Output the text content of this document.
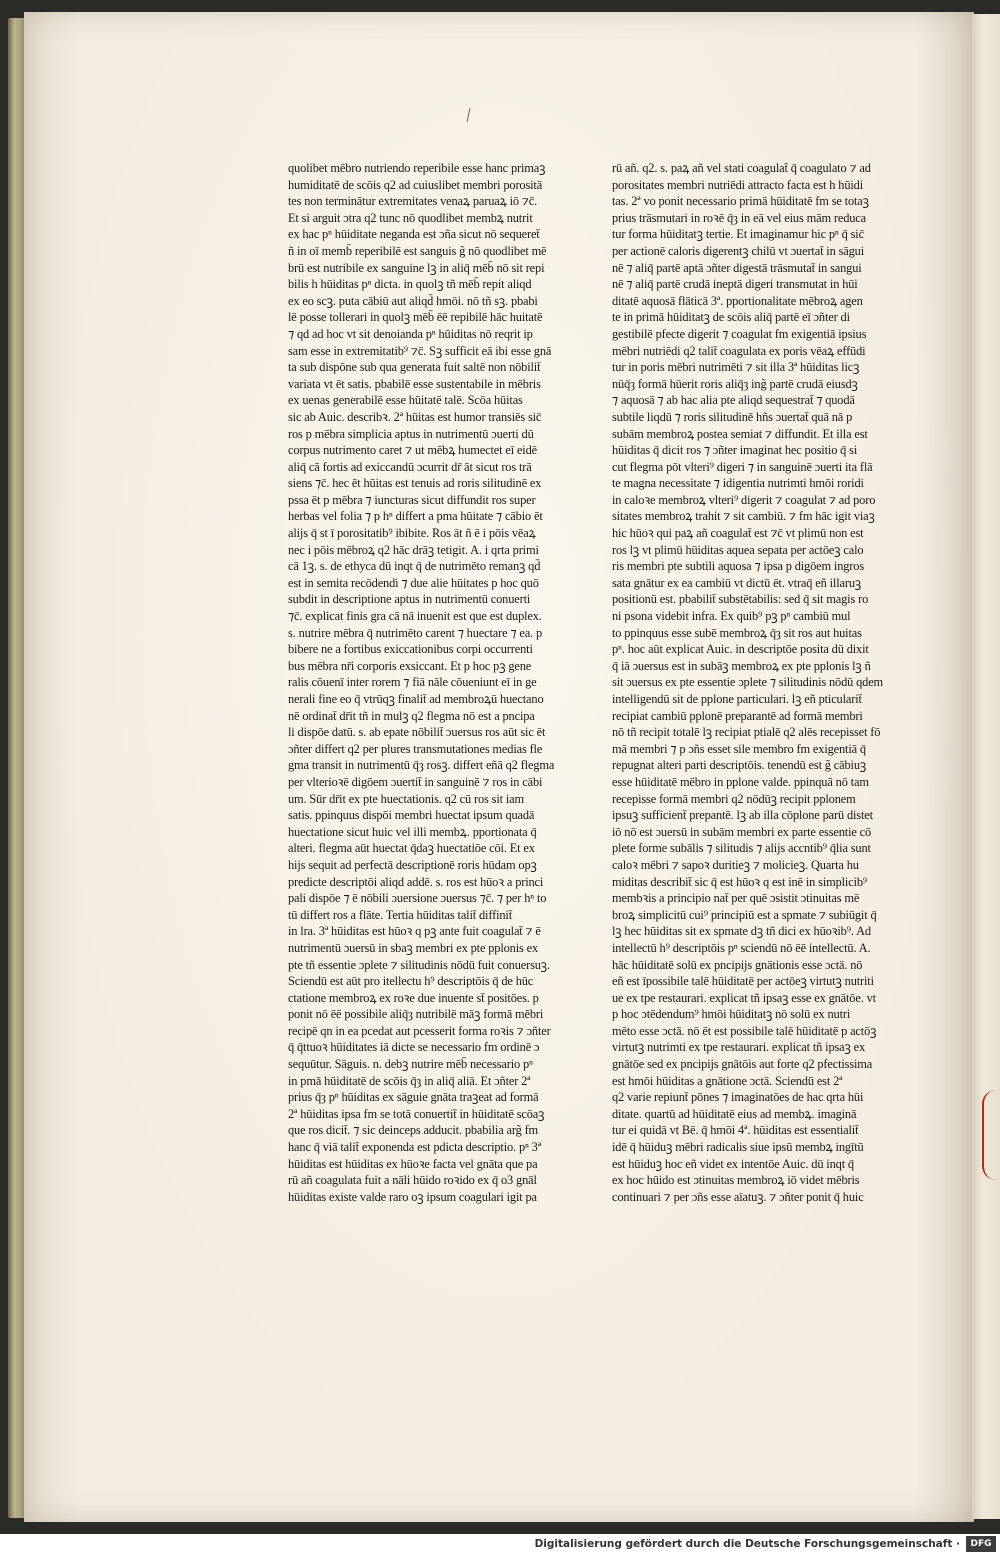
quolibet mēbro nutriendo reperibile esse hanc primaꝫ
humiditatē de scōis q2 ad cuiuslibet membri porositā
tes non terminātur extremitates venaꝝ paruaꝝ iō ⁊c̄.
Et si arguit ɔtra q2 tunc nō quodlibet membꝝ nutrit
ex hac pⁿ hūiditate neganda est ɔña sicut nō sequeret̄
ñ in oī memb̄ reperibilē est sanguis g̃ nō quodlibet mē
brū est nutribile ex sanguine lꝫ in aliq̄ mēb̄ nō sit repi
bilis h hūiditas pⁿ dicta. in quolꝫ tñ mēb̄ repit aliqd
ex eo scꝫ. puta cābiū aut aliqd̄ hmōi. nō tñ sꝫ. pbabi
lē posse tollerari in quolꝫ mēb̄ ēē repibilē hāc huitatē
⁊ qd ad hoc vt sit denoianda pⁿ hūiditas nō reqrit ip
sam esse in extremitatib⁹ ⁊c̄. Sꝫ sufficit eā ibi esse gnā
ta sub dispōne sub qua generata fuit saltē non nōbilit̄
variata vt ēt satis. pbabilē esse sustentabile in mēbris
ex uenas generabilē esse hūitatē talē. Scōa hūitas
sic ab Auic. describꝛ. 2ª hūitas est humor transiēs sic̄
ros p mēbra simplicia aptus in nutrimentū ɔuerti dū
corpus nutrimento caret ⁊ ut mēbꝝ humectet eī eidē
aliq̄ cā fortis ad exiccandū ɔcurrit dr̄ āt sicut ros trā
siens ⁊c̄. hec ēt hūitas est tenuis ad roris silitudinē ex
pssa ēt p mēbra ⁊ iuncturas sicut diffundit ros super
herbas vel folia ⁊ p hⁿ differt a pma hūitate ⁊ cābio ēt
alijs q̄ st ī porositatib⁹ ibibite. Ros āt ñ ē i pōis vēaꝝ
nec i pōis mēbroꝝ q2 hāc drāꝫ tetigit. A. i qrta primi
cā 1ꝫ. s. de ethyca dū inqt q̄ de nutrimēto remanꝫ qd̄
est in semita recōdendi ⁊ due alie hūitates p hoc quō
subdit in descriptione aptus in nutrimentū conuerti
⁊c̄. explicat finis gra cā nā inuenit est que est duplex.
s. nutrire mēbra q̄ nutrimēto carent ⁊ huectare ⁊ ea. p
bibere ne a fortibus exiccationibus corpi occurrenti
bus mēbra nr̄i corporis exsiccant. Et p hoc pꝫ gene
ralis cōuenī inter rorem ⁊ fiā nāle cōueniunt eī in ge
nerali fine eo q̄ vtrūqꝫ finalit̄ ad membroꝝū huectano
nē ordinat̄ dr̄it tñ in mulꝫ q2 flegma nō est a pncipa
li dispōe datū. s. ab epate nōbilit̄ ɔuersus ros aūt sic ēt
ɔñter differt q2 per plures transmutationes medias fle
gma transit in nutrimentū q̄ȝ rosꝫ. differt eñā q2 flegma
per vlterioꝛē digōem ɔuertit̄ in sanguinē ⁊ ros in cābi
um. Sūr dr̄it ex pte huectationis. q2 cū ros sit iam
satis. ppinquus dispōi membri huectat ipsum quadā
huectatione sicut huic vel illi membꝝ. pportionata q̄
alteri. flegma aūt huectat q̄daꝫ huectatiōe cōi. Et ex
hijs sequit ad perfectā descriptionē roris hūdam opꝫ
predicte descriptōi aliqd addē. s. ros est hūoꝛ a princi
pali dispōe ⁊ ē nōbili ɔuersione ɔuersus ⁊c̄. ⁊ per hⁿ to
tū differt ros a flāte. Tertia hūiditas talit̄ diffinit̄
in lra. 3ª hūiditas est hūoꝛ q pꝫ ante fuit coagulat̄ ⁊ ē
nutrimentū ɔuersū in sbaꝫ membri ex pte pplonis ex
pte tñ essentie ɔplete ⁊ silitudinis nōdū fuit conuersuꝫ.
Sciendū est aūt pro itellectu h⁹ descriptōis q̄ de hūc
ctatione membroꝝ ex roꝛe due inuente st̄ positōes. p
ponit nō ēē possibile aliq̄ȝ nutribilē māꝫ formā mēbri
recipē qn in ea pcedat aut pcesserit forma roꝛis ⁊ ɔñter
q̄ q̄ttuoꝛ hūiditates iā dicte se necessario fm ordinē ɔ
sequūtur. Sāguis. n. debꝫ nutrire mēb̄ necessario pⁿ
in pmā hūiditatē de scōis q̄ȝ in aliq̄ aliā. Et ɔñter 2ª
prius q̄ȝ pⁿ hūiditas ex sāguie gnāta traꝫeat ad formā
2ª hūiditas ipsa fm se totā conuertit̄ in hūiditatē scōaꝫ
que ros dicit̄. ⁊ sic deinceps adducit. pbabilia arg̃ fm
hanc q̄ viā talit̄ exponenda est pdicta descriptio. pⁿ 3ª
hūiditas est hūiditas ex hūoꝛe facta vel gnāta que pa
rū añ coagulata fuit a nāli hūido roꝛido ex q̄ o3 gnāl
hūiditas existe valde raro oꝫ ipsum coagulari igit pa
rū añ. q2. s. paꝝ añ vel stati coagulat̄ q̄ coagulato ⁊ ad
porositates membri nutriēdi attracto facta est h hūidi
tas. 2ª vo ponit necessario primā hūiditatē fm se totaꝫ
prius trāsmutari in roꝛē q̄ȝ in eā vel eius mām reduca
tur forma hūiditatꝫ tertie. Et imaginamur hic pⁿ q̄ sic̄
per actionē caloris digerentꝫ chilū vt ɔuertat̄ in sāgui
nē ⁊ aliq̄ partē aptā ɔñter digestā trāsmutat̄ in sangui
nē ⁊ aliq̄ partē crudā ineptā digeri transmutat in hūi
ditatē aquosā flāticā 3ª. pportionalitate mēbroꝝ agen
te in primā hūiditatꝫ de scōis aliq̄ partē eī ɔñter di
gestibilē pfecte digerit ⁊ coagulat fm exigentiā ipsius
mēbri nutriēdi q2 talit̄ coagulata ex poris vēaꝝ effūdi
tur in poris mēbri nutrimēti ⁊ sit illa 3ª hūiditas licꝫ
nūq̄ȝ formā hūerit roris aliq̄ȝ ing̃ partē crudā eiusdꝫ
⁊ aquosā ⁊ ab hac alia pte aliqd sequestrat̄ ⁊ quodā
subtile liqdū ⁊ roris silitudinē hñs ɔuertat̄ quā nā p
subām membroꝝ postea semiat ⁊ diffundit. Et illa est
hūiditas q̄ dicit ros ⁊ ɔñter imaginat hec positio q̄ si
cut flegma pōt vlteri⁹ digeri ⁊ in sanguinē ɔuerti ita flā
te magna necessitate ⁊ idigentia nutrimti hmōi roridi
in caloꝛe membroꝝ vlteri⁹ digerit ⁊ coagulat ⁊ ad poro
sitates membroꝝ trahit ⁊ sit cambiū. ⁊ fm hāc igit viaꝫ
hic hūoꝛ qui paꝝ añ coagulat̄ est ⁊c̄ vt plimū non est
ros lꝫ vt plimū hūiditas aquea sepata per actōeꝫ calo
ris membri pte subtili aquosa ⁊ ipsa p digōem ingros
sata gnātur ex ea cambiū vt dictū ēt. vtraq̄ eñ illaruꝫ
positionū est. pbabilit̄ substētabilis: sed q̄ sit magis ro
ni psona videbit infra. Ex quib⁹ pꝫ pⁿ cambiū mul
to ppinquus esse subē membroꝝ q̄ȝ sit ros aut huitas
pⁿ. hoc aūt explicat Auic. in descriptōe posita dū dixit
q̄ iā ɔuersus est in subāꝫ membroꝝ ex pte pplonis lꝫ ñ
sit ɔuersus ex pte essentie ɔplete ⁊ silitudinis nōdū qdem
intelligendū sit de pplone particulari. lꝫ eñ pticularit̄
recipiat cambiū pplonē preparantē ad formā membri
nō tñ recipit totalē lꝫ recipiat ptialē q2 alēs recepisset fō
mā membri ⁊ p ɔñs esset sile membro fm exigentiā q̄
repugnat alteri parti descriptōis. tenendū est g̃ cābiuꝫ
esse hūiditatē mēbro in pplone valde. ppinquā nō tam
recepisse formā membri q2 nōdūꝫ recipit pplonem
ipsuꝫ sufficient̄ prepantē. lꝫ ab illa cōplone parū distet
iō nō est ɔuersū in subām membri ex parte essentie cō
plete forme subālis ⁊ silitudis ⁊ alijs accntib⁹ q̄lia sunt
caloꝛ mēbri ⁊ sapoꝛ duritieꝫ ⁊ molicieꝫ. Quarta hu
miditas describit̄ sic q̄ est hūoꝛ q est inē in simplicib⁹
membꝛis a principio nat̄ per quē ɔsistit ɔtinuitas mē
broꝝ simplicitū cui⁹ principiū est a spmate ⁊ subiūgit q̄
lꝫ hec hūiditas sit ex spmate dꝫ tñ dici ex hūoꝛib⁹. Ad
intellectū h⁹ descriptōis pⁿ sciendū nō ēē intellectū. A.
hāc hūiditatē solū ex pncipijs gnātionis esse ɔctā. nō
eñ est īpossibile talē hūiditatē per actōeꝫ virtutꝫ nutriti
ue ex tpe restaurari. explicat tñ ipsaꝫ esse ex gnātōe. vt
p hoc ɔtēdendum⁹ hmōi hūiditatꝫ nō solū ex nutri
mēto esse ɔctā. nō ēt est possibile talē hūiditatē p actōꝫ
virtutꝫ nutrimti ex tpe restaurari. explicat tñ ipsaꝫ ex
gnātōe sed ex pncipijs gnātōis aut forte q2 pfectissima
est hmōi hūiditas a gnātione ɔctā. Sciendū est 2ª
q2 varie repiunt̄ pōnes ⁊ imaginatōes de hac qrta hūi
ditate. quartū ad hūiditatē eius ad membꝝ. imaginā
tur ei quidā vt Bē. q̄ hmōi 4ª. hūiditas est essentialit̄
idē q̄ hūiduꝫ mēbri radicalis siue ipsū membꝝ ingītū
est hūiduꝫ hoc eñ videt ex intentōe Auic. dū inqt q̄
ex hoc hūido est ɔtinuitas membroꝝ iō videt mēbris
continuari ⁊ per ɔñs esse aīatuꝫ. ⁊ ɔñter ponit q̄ huic
Digitalisierung gefördert durch die Deutsche Forschungsgemeinschaft ·	DFG
